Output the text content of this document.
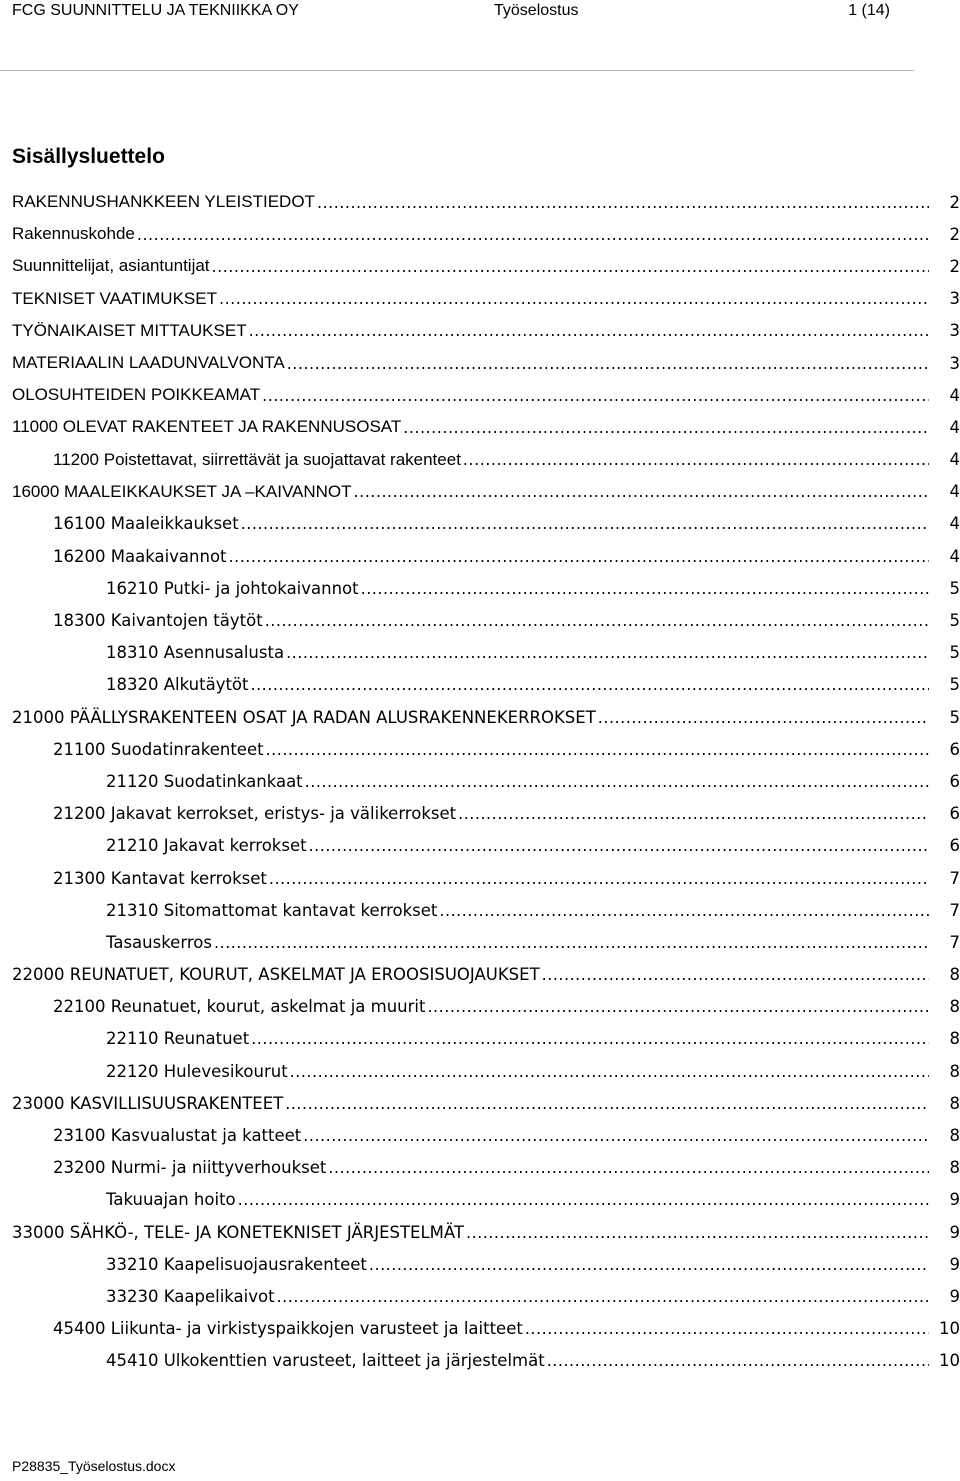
FCG SUUNNITTELU JA TEKNIIKKA OY	Työselostus	1 (14)
Sisällysluettelo
RAKENNUSHANKKEEN YLEISTIEDOT .....	2
Rakennuskohde .....	2
Suunnittelijat, asiantuntijat .....	2
TEKNISET VAATIMUKSET .....	3
TYÖNAIKAISET MITTAUKSET .....	3
MATERIAALIN LAADUNVALVONTA .....	3
OLOSUHTEIDEN POIKKEAMAT .....	4
11000 OLEVAT RAKENTEET JA RAKENNUSOSAT .....	4
11200 Poistettavat, siirrettävät ja suojattavat rakenteet .....	4
16000 MAALEIKKAUKSET JA –KAIVANNOT .....	4
16100 Maaleikkaukset .....	4
16200 Maakaivannot .....	4
16210 Putki- ja johtokaivannot .....	5
18300 Kaivantojen täytöt .....	5
18310 Asennusalusta .....	5
18320 Alkutäytöt .....	5
21000 PÄÄLLYSRAKENTEEN OSAT JA RADAN ALUSRAKENNEKERROKSET .....	5
21100 Suodatinrakenteet .....	6
21120 Suodatinkankaat .....	6
21200 Jakavat kerrokset, eristys- ja välikerrokset .....	6
21210 Jakavat kerrokset .....	6
21300 Kantavat kerrokset .....	7
21310 Sitomattomat kantavat kerrokset .....	7
Tasauskerros .....	7
22000 REUNATUET, KOURUT, ASKELMAT JA EROOSISUOJAUKSET .....	8
22100 Reunatuet, kourut, askelmat ja muurit .....	8
22110 Reunatuet .....	8
22120 Hulevesikourut .....	8
23000 KASVILLISUUSRAKENTEET .....	8
23100 Kasvualustat ja katteet .....	8
23200 Nurmi- ja niittyverhoukset .....	8
Takuuajan hoito .....	9
33000 SÄHKÖ-, TELE- JA KONETEKNISET JÄRJESTELMÄT .....	9
33210 Kaapelisuojausrakenteet .....	9
33230 Kaapelikaivot .....	9
45400 Liikunta- ja virkistyspaikkojen varusteet ja laitteet .....	10
45410 Ulkokenttien varusteet, laitteet ja järjestelmät .....	10
P28835_Työselostus.docx
